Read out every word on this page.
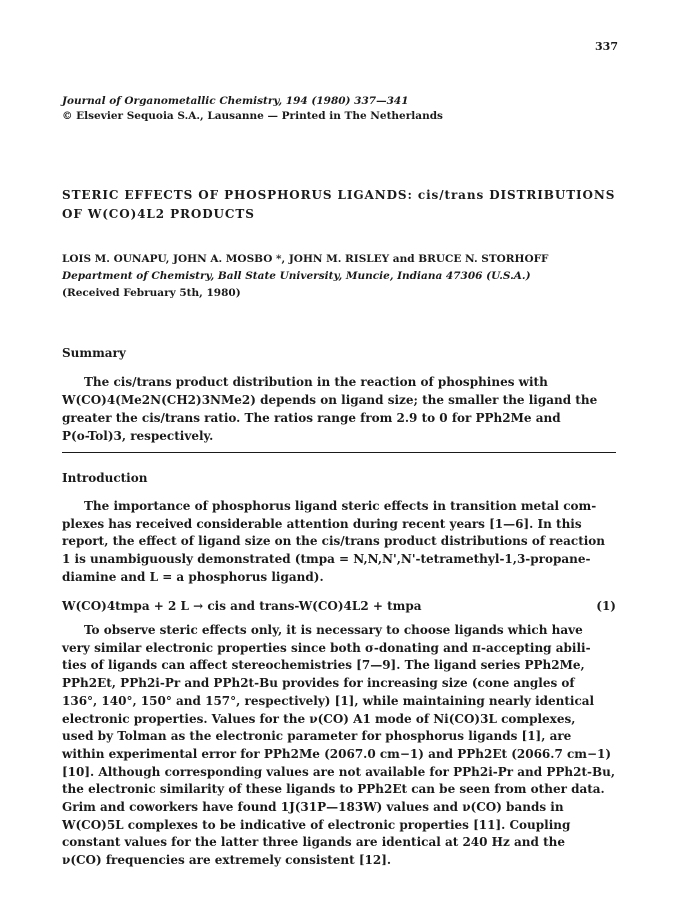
337
Journal of Organometallic Chemistry, 194 (1980) 337—341
© Elsevier Sequoia S.A., Lausanne — Printed in The Netherlands
STERIC EFFECTS OF PHOSPHORUS LIGANDS: cis/trans DISTRIBUTIONS
OF W(CO)4L2 PRODUCTS
LOIS M. OUNAPU, JOHN A. MOSBO *, JOHN M. RISLEY and BRUCE N. STORHOFF
Department of Chemistry, Ball State University, Muncie, Indiana 47306 (U.S.A.)
(Received February 5th, 1980)
Summary
The cis/trans product distribution in the reaction of phosphines with
W(CO)4(Me2N(CH2)3NMe2) depends on ligand size; the smaller the ligand the
greater the cis/trans ratio. The ratios range from 2.9 to 0 for PPh2Me and
P(o-Tol)3, respectively.
Introduction
The importance of phosphorus ligand steric effects in transition metal com-
plexes has received considerable attention during recent years [1—6]. In this
report, the effect of ligand size on the cis/trans product distributions of reaction
1 is unambiguously demonstrated (tmpa = N,N,N',N'-tetramethyl-1,3-propane-
diamine and L = a phosphorus ligand).
W(CO)4tmpa + 2 L → cis and trans-W(CO)4L2 + tmpa	(1)
To observe steric effects only, it is necessary to choose ligands which have
very similar electronic properties since both σ-donating and π-accepting abili-
ties of ligands can affect stereochemistries [7—9]. The ligand series PPh2Me,
PPh2Et, PPh2i-Pr and PPh2t-Bu provides for increasing size (cone angles of
136°, 140°, 150° and 157°, respectively) [1], while maintaining nearly identical
electronic properties. Values for the ν(CO) A1 mode of Ni(CO)3L complexes,
used by Tolman as the electronic parameter for phosphorus ligands [1], are
within experimental error for PPh2Me (2067.0 cm−1) and PPh2Et (2066.7 cm−1)
[10]. Although corresponding values are not available for PPh2i-Pr and PPh2t-Bu,
the electronic similarity of these ligands to PPh2Et can be seen from other data.
Grim and coworkers have found 1J(31P—183W) values and ν(CO) bands in
W(CO)5L complexes to be indicative of electronic properties [11]. Coupling
constant values for the latter three ligands are identical at 240 Hz and the
ν(CO) frequencies are extremely consistent [12].
